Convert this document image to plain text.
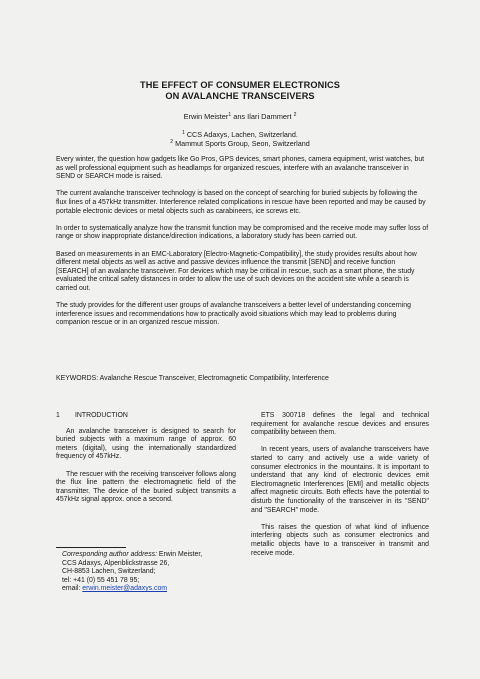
THE EFFECT OF CONSUMER ELECTRONICS
ON AVALANCHE TRANSCEIVERS
Erwin Meister$^1$ ans Ilari Dammert $^2$
$^1$ CCS Adaxys, Lachen, Switzerland.
$^2$ Mammut Sports Group, Seon, Switzerland

Every winter, the question how gadgets like Go Pros, GPS devices, smart phones, camera equipment, wrist watches, but as well professional equipment such as headlamps for organized rescues, interfere with an avalanche transceiver in SEND or SEARCH mode is raised.

The current avalanche transceiver technology is based on the concept of searching for buried subjects by following the flux lines of a 457kHz transmitter. Interference related complications in rescue have been reported and may be caused by portable electronic devices or metal objects such as carabineers, ice screws etc.

In order to systematically analyze how the transmit function may be compromised and the receive mode may suffer loss of range or show inappropriate distance/direction indications, a laboratory study has been carried out.

Based on measurements in an EMC-Laboratory [Electro-Magnetic-Compatibility], the study provides results about how different metal objects as well as active and passive devices influence the transmit [SEND] and receive function [SEARCH] of an avalanche transceiver. For devices which may be critical in rescue, such as a smart phone, the study evaluated the critical safety distances in order to allow the use of such devices on the accident site while a search is carried out.

The study provides for the different user groups of avalanche transceivers a better level of understanding concerning interference issues and recommendations how to practically avoid situations which may lead to problems during companion rescue or in an organized rescue mission.

KEYWORDS: Avalanche Rescue Transceiver, Electromagnetic Compatibility, Interference
1 INTRODUCTION

An avalanche transceiver is designed to search for buried subjects with a maximum range of approx. 60 meters (digital), using the internationally standardized frequency of 457kHz.

The rescuer with the receiving transceiver follows along the flux line pattern the electromagnetic field of the transmitter. The device of the buried subject transmits a 457kHz signal approx. once a second.

ETS 300718 defines the legal and technical requirement for avalanche rescue devices and ensures compatibility between them.

In recent years, users of avalanche transceivers have started to carry and actively use a wide variety of consumer electronics in the mountains. It is important to understand that any kind of electronic devices emit Electromagnetic Interferences [EMI] and metallic objects affect magnetic circuits. Both effects have the potential to disturb the functionality of the transceiver in its "SEND" and "SEARCH" mode.

This raises the question of what kind of influence interfering objects such as consumer electronics and metallic objects have to a transceiver in transmit and receive mode.

Corresponding author address: Erwin Meister,
CCS Adaxys, Alpenblickstrasse 26,
CH-8853 Lachen, Switzerland;
tel: +41 (0) 55 451 78 95;
email: erwin.meister@adaxys.com
